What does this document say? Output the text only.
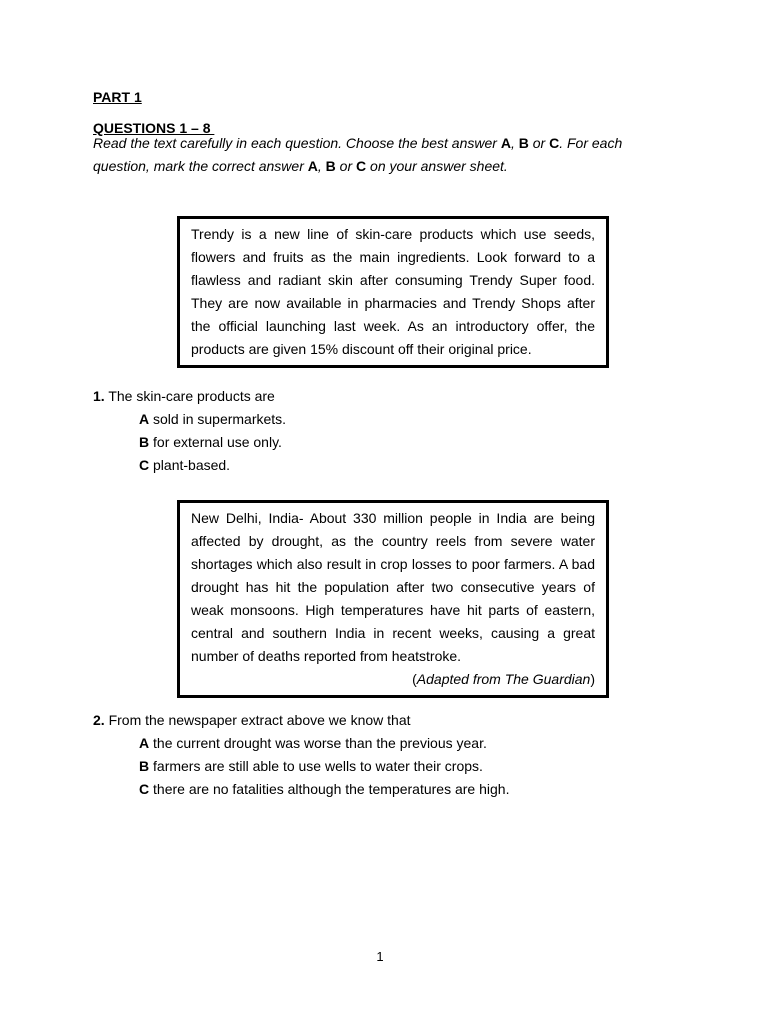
PART 1
QUESTIONS 1 – 8
Read the text carefully in each question. Choose the best answer A, B or C. For each question, mark the correct answer A, B or C on your answer sheet.
Trendy is a new line of skin-care products which use seeds, flowers and fruits as the main ingredients. Look forward to a flawless and radiant skin after consuming Trendy Super food. They are now available in pharmacies and Trendy Shops after the official launching last week. As an introductory offer, the products are given 15% discount off their original price.
1. The skin-care products are
A sold in supermarkets.
B for external use only.
C plant-based.
New Delhi, India- About 330 million people in India are being affected by drought, as the country reels from severe water shortages which also result in crop losses to poor farmers. A bad drought has hit the population after two consecutive years of weak monsoons. High temperatures have hit parts of eastern, central and southern India in recent weeks, causing a great number of deaths reported from heatstroke.
(Adapted from The Guardian)
2. From the newspaper extract above we know that
A the current drought was worse than the previous year.
B farmers are still able to use wells to water their crops.
C there are no fatalities although the temperatures are high.
1
